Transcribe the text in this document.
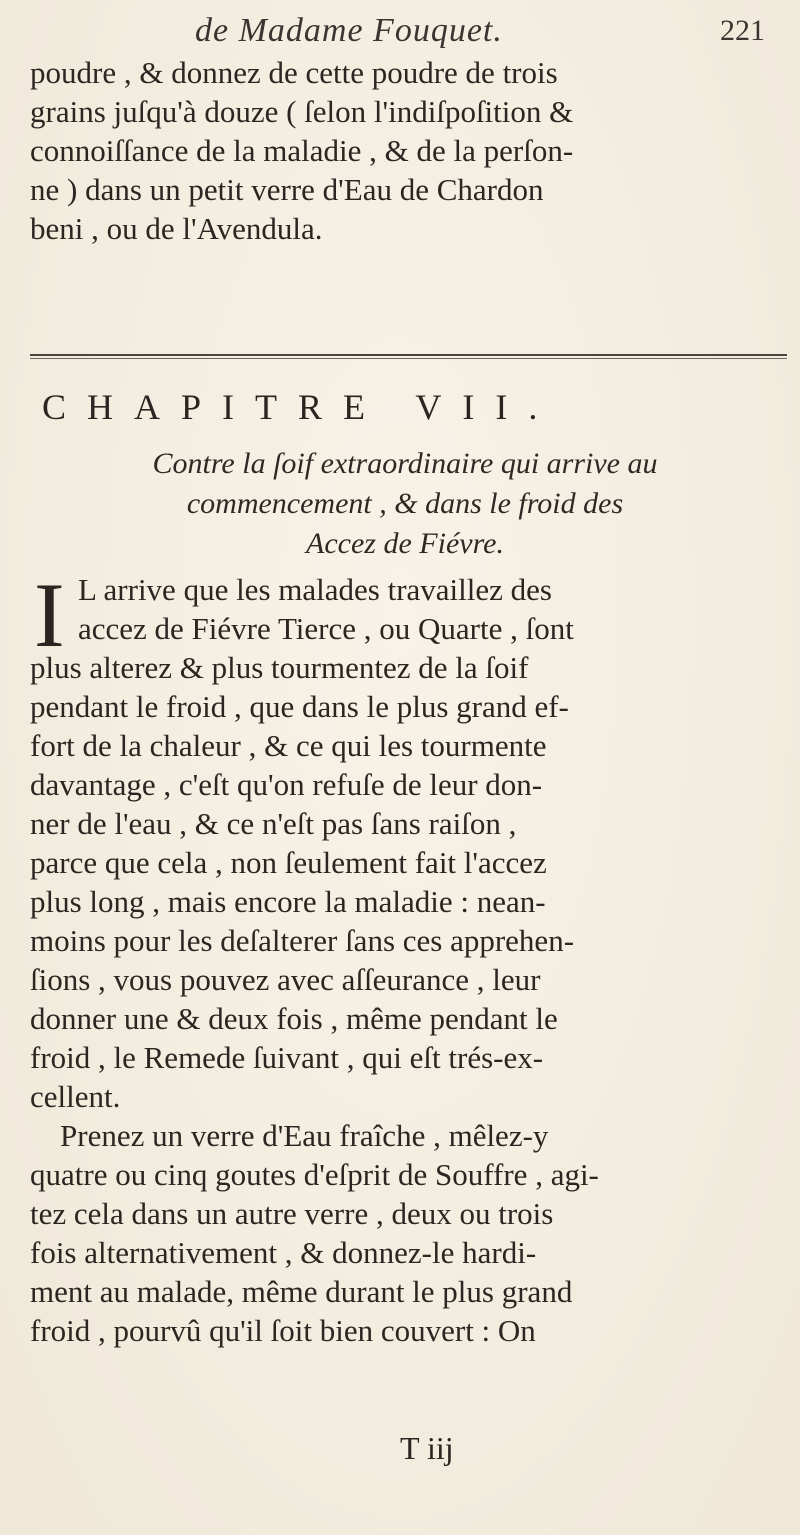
de Madame Fouquet.	221
poudre , & donnez de cette poudre de trois
grains juſqu'à douze ( ſelon l'indiſpoſition &
connoiſſance de la maladie , & de la perſon-
ne ) dans un petit verre d'Eau de Chardon
beni , ou de l'Avendula.
CHAPITRE VII.
Contre la ſoif extraordinaire qui arrive au
commencement , & dans le froid des
Accez de Fiévre.
I L arrive que les malades travaillez des
accez de Fiévre Tierce , ou Quarte , ſont
plus alterez & plus tourmentez de la ſoif
pendant le froid , que dans le plus grand ef-
fort de la chaleur , & ce qui les tourmente
davantage , c'eſt qu'on refuſe de leur don-
ner de l'eau , & ce n'eſt pas ſans raiſon ,
parce que cela , non ſeulement fait l'accez
plus long , mais encore la maladie : nean-
moins pour les deſalterer ſans ces apprehen-
ſions , vous pouvez avec aſſeurance , leur
donner une & deux fois , même pendant le
froid , le Remede ſuivant , qui eſt trés-ex-
cellent.
Prenez un verre d'Eau fraîche , mêlez-y
quatre ou cinq goutes d'eſprit de Souffre , agi-
tez cela dans un autre verre , deux ou trois
fois alternativement , & donnez-le hardi-
ment au malade, même durant le plus grand
froid , pourvû qu'il ſoit bien couvert : On
T iij
